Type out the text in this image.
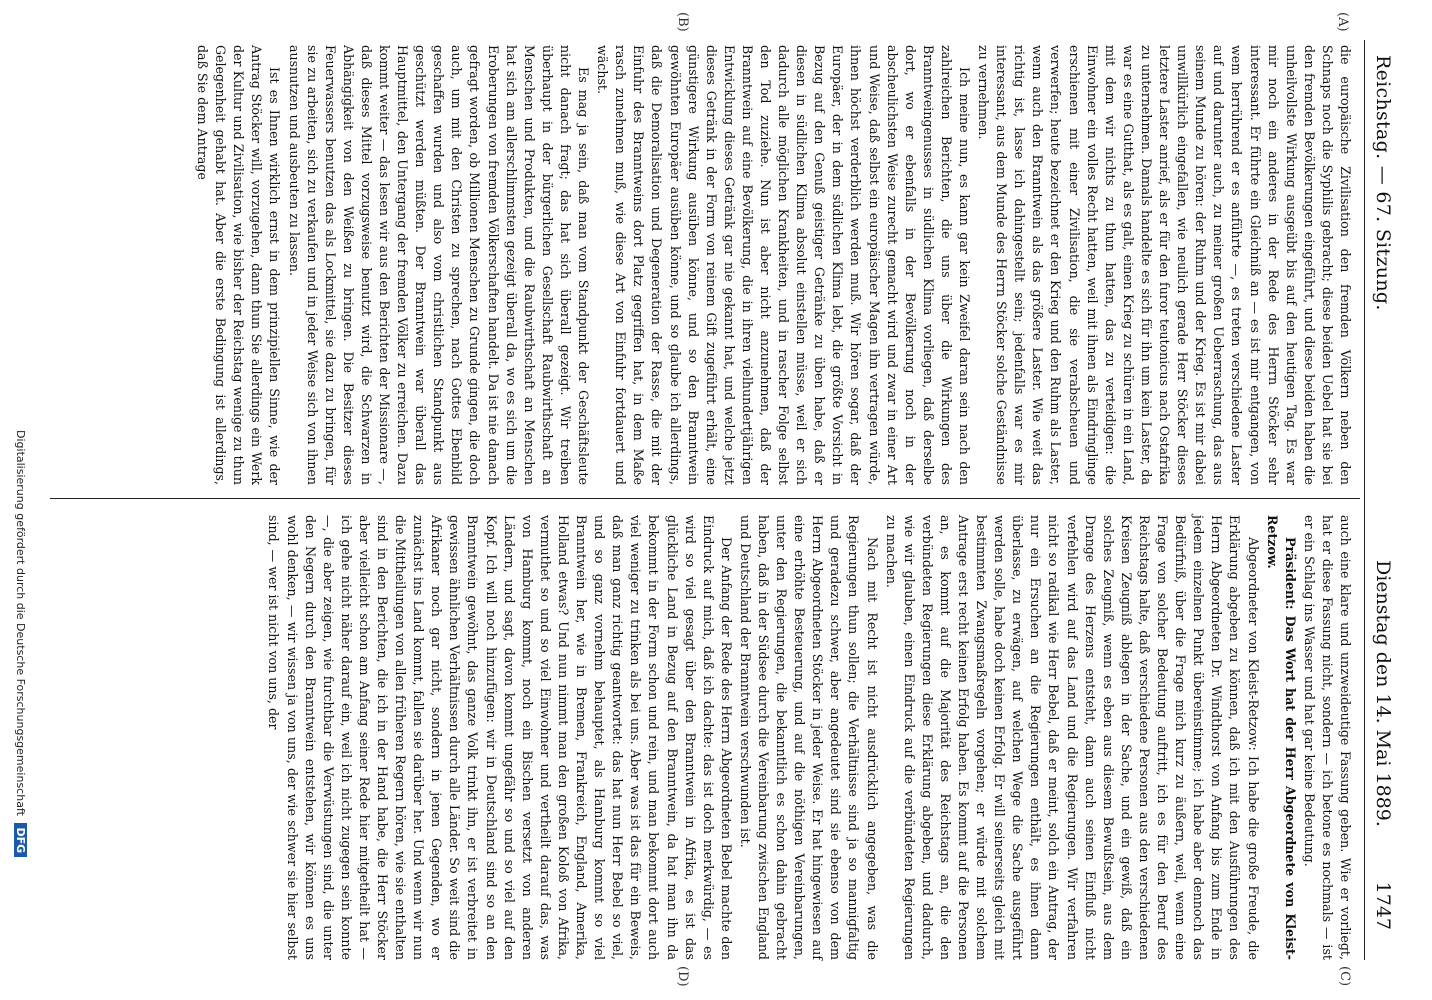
Reichstag. — 67. Sitzung.
Dienstag den 14. Mai 1889.
1747
(A)
(B)
(C)
(D)

die europäische Zivilisation den fremden Völkern neben den Schnaps noch die Syphilis gebracht; diese beiden Uebel hat sie bei den fremden Bevölkerungen eingeführt, und diese beiden haben die unheilvollste Wirkung ausgeübt bis auf den heutigen Tag. Es war mir noch ein anderes in der Rede des Herrn Stöcker sehr interessant. Er führte ein Gleichniß an — es ist mir entgangen, von wem herrührend er es anführte —, es treten verschiedene Laster auf und darunter auch, zu meiner großen Ueberraschung, das aus seinem Munde zu hören: der Ruhm und der Krieg. Es ist mir dabei unwillkürlich eingefallen, wie neulich gerade Herr Stöcker dieses letztere Laster anrief, als er für den furor teutonicus nach Ostafrika zu unternehmen. Damals handelte es sich für ihn um kein Laster, da war es eine Gutthat, als es galt, einen Krieg zu schüren in ein Land, mit dem wir nichts zu thun hatten, das zu verteidigen: die Einwohner ein volles Recht hatten, weil mit ihnen als Eindringlinge erschienen mit einer Zivilisation, die sie verabscheuen und verwerfen; heute bezeichnet er den Krieg und den Ruhm als Laster, wenn auch den Branntwein als das größere Laster. Wie weit das richtig ist, lasse ich dahingestellt sein; jedenfalls war es mir interessant, aus dem Munde des Herrn Stöcker solche Geständnisse zu vernehmen.

Ich meine nun, es kann gar kein Zweifel daran sein nach den zahlreichen Berichten, die uns über die Wirkungen des Branntweingenusses in südlichen Klima vorliegen, daß derselbe dort, wo er ebenfalls in der Bevölkerung noch in der abscheulichsten Weise zurecht gemacht wird und zwar in einer Art und Weise, daß selbst ein europäischer Magen ihn vertragen würde, ihnen höchst verderblich werden muß. Wir hören sogar, daß der Europäer, der in dem südlichen Klima lebt, die größte Vorsicht in Bezug auf den Genuß geistiger Getränke zu üben habe, daß er diesen in südlichen Klima absolut einstellen müsse, weil er sich dadurch alle möglichen Krankheiten, und in rascher Folge selbst den Tod zuziehe. Nun ist aber nicht anzunehmen, daß der Branntwein auf eine Bevölkerung, die in ihren vielhundertjährigen Entwicklung dieses Getränk gar nie gekannt hat, und welche jetzt dieses Getränk in der Form von reinem Gift zugeführt erhält, eine günstigere Wirkung ausüben könne, und so den Branntwein gewöhnten Europäer ausüben könne, und so glaube ich allerdings, daß die Demoralisation und Degeneration der Rasse, die mit der Einfuhr des Branntweins dort Platz gegriffen hat, in dem Maße rasch zunehmen muß, wie diese Art von Einfuhr fortdauert und wächst.

Es mag ja sein, daß man vom Standpunkt der Geschäftsleute nicht danach fragt; das hat sich überall gezeigt. Wir treiben überhaupt in der bürgerlichen Gesellschaft Raubwirthschaft an Menschen und Produkten, und die Raubwirthschaft an Menschen hat sich am allerschlimmsten gezeigt überall da, wo es sich um die Eroberungen von fremden Völkerschaften handelt. Da ist nie danach gefragt worden, ob Millionen Menschen zu Grunde gingen, die doch auch, um mit den Christen zu sprechen, nach Gottes Ebenbild geschaffen wurden und also vom christlichen Standpunkt aus geschützt werden müßten. Der Branntwein war überall das Hauptmittel, den Untergang der fremden Völker zu erreichen. Dazu kommt weiter — das lesen wir aus den Berichten der Missionare —, daß dieses Mittel vorzugsweise benutzt wird, die Schwarzen in Abhängigkeit von den Weißen zu bringen. Die Besitzer dieses Feuerwassers benutzen das als Lockmittel, sie dazu zu bringen, für sie zu arbeiten, sich zu verkaufen und in jeder Weise sich von ihnen ausnutzen und ausbeuten zu lassen.

Ist es Ihnen wirklich ernst in dem prinzipiellen Sinne, wie der Antrag Stöcker will, vorzugehen, dann thun Sie allerdings ein Werk der Kultur und Zivilisation, wie bisher der Reichstag wenige zu thun Gelegenheit gehabt hat. Aber die erste Bedingung ist allerdings, daß Sie dem Antrage

auch eine klare und unzweideutige Fassung geben. Wie er vorliegt, hat er diese Fassung nicht, sondern — ich betone es nochmals — ist er ein Schlag ins Wasser und hat gar keine Bedeutung.

Präsident: Das Wort hat der Herr Abgeordnete von Kleist-Retzow.

Abgeordneter von Kleist-Retzow: Ich habe die große Freude, die Erklärung abgeben zu können, daß ich mit den Ausführungen des Herrn Abgeordneten Dr. Windthorst von Anfang bis zum Ende in jedem einzelnen Punkt übereinstimme; ich habe aber dennoch das Bedürfniß, über die Frage mich kurz zu äußern, weil, wenn eine Frage von solcher Bedeutung auftritt, ich es für den Beruf des Reichstags halte, daß verschiedene Personen aus den verschiedenen Kreisen Zeugniß ablegen in der Sache, und ein gewiß, daß ein solches Zeugniß, wenn es eben aus diesem Bewußtsein, aus dem Drange des Herzens entsteht, dann auch seinen Einfluß nicht verfehlen wird auf das Land und die Regierungen. Wir verfahren nicht so radikal wie Herr Bebel, daß er meint, solch ein Antrag, der nur ein Ersuchen an die Regierungen enthält, es ihnen dann überlasse, zu erwägen, auf welchen Wege die Sache ausgeführt werden solle, habe doch keinen Erfolg. Er will seinerseits gleich mit bestimmten Zwangsmaßregeln vorgehen; er würde mit solchem Antrage erst recht keinen Erfolg haben. Es kommt auf die Personen an, es kommt auf die Majorität des Reichstags an, die den verbündeten Regierungen diese Erklärung abgeben, und dadurch, wie wir glauben, einen Eindruck auf die verbündeten Regierungen zu machen.

Nach mit Recht ist nicht ausdrücklich angegeben, was die Regierungen thun sollen; die Verhältnisse sind ja so mannigfaltig und geradezu schwer, aber angedeutet sind sie ebenso von dem Herrn Abgeordneten Stöcker in jeder Weise. Er hat hingewiesen auf eine erhöhte Besteuerung, und auf die nöthigen Vereinbarungen, unter den Regierungen, die bekanntlich es schon dahin gebracht haben, daß in der Südsee durch die Vereinbarung zwischen England und Deutschland der Branntwein verschwunden ist.

Der Anfang der Rede des Herrn Abgeordneten Bebel machte den Eindruck auf mich, daß ich dachte: das ist doch merkwürdig, — es wird so viel gesagt über den Branntwein in Afrika, es ist das glückliche Land in Bezug auf den Branntwein, da hat man ihn da bekommt in der Form schon und rein, und man bekommt dort auch viel weniger zu trinken als bei uns. Aber was ist das für ein Beweis, daß man ganz richtig geantwortet: das hat nun Herr Bebel so viel, und so ganz vornehm behauptet, als Hamburg kommt so viel Branntwein her, wie in Bremen, Frankreich, England, Amerika, Holland etwas? Und nun nimmt man den großen Koloß von Afrika, vermuthet so und so viel Einwohner und vertheilt darauf das, was von Hamburg kommt, noch ein Bischen versetzt von anderen Ländern, und sagt, davon kommt ungefähr so und so viel auf den Kopf. Ich will noch hinzufügen: wir in Deutschland sind so an den Branntwein gewöhnt, das ganze Volk trinkt ihn, er ist verbreitet in gewissen ähnlichen Verhältnissen durch alle Länder. So weit sind die Afrikaner noch gar nicht, sondern in jenen Gegenden, wo er zunächst ins Land kommt, fallen sie darüber her. Und wenn wir nun die Mittheilungen von allen früheren Regern hören, wie sie enthalten sind in den Berichten, die ich in der Hand habe, die Herr Stöcker aber vielleicht schon am Anfang seiner Rede hier mitgetheilt hat — ich gehe nicht näher darauf ein, weil ich nicht zugegen sein konnte —, die aber zeigen, wie furchtbar die Verwüstungen sind, die unter den Negern durch den Branntwein entstehen, wir können es uns wohl denken, — wir wissen ja von uns, der wie schwer sie hier selbst sind, — wer ist nicht von uns, der

Digitalisierung gefördert durch die Deutsche Forschungsgemeinschaft DFG
